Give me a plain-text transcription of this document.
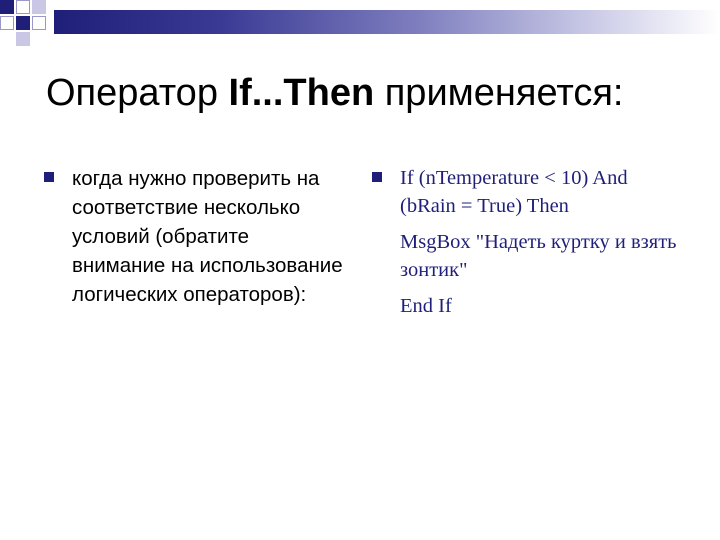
Оператор If...Then применяется:
когда нужно проверить на соответствие несколько условий (обратите внимание на использование логических операторов):
If (nTemperature < 10) And (bRain = True) Then
MsgBox "Надеть куртку и взять зонтик"
End If
